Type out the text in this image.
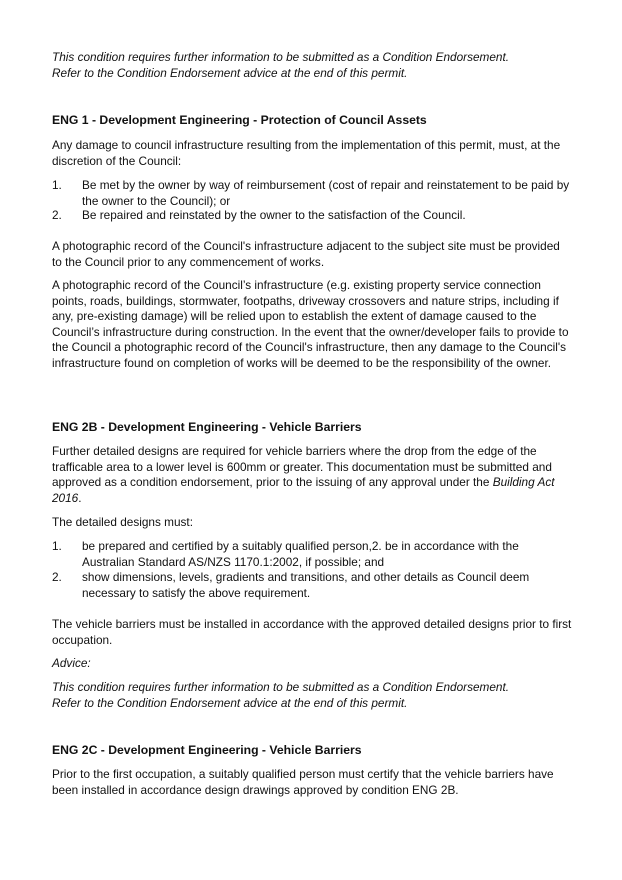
This condition requires further information to be submitted as a Condition Endorsement.
Refer to the Condition Endorsement advice at the end of this permit.
ENG 1 - Development Engineering - Protection of Council Assets

Any damage to council infrastructure resulting from the implementation of this permit, must, at the discretion of the Council:

1. Be met by the owner by way of reimbursement (cost of repair and reinstatement to be paid by the owner to the Council); or
2. Be repaired and reinstated by the owner to the satisfaction of the Council.

A photographic record of the Council's infrastructure adjacent to the subject site must be provided to the Council prior to any commencement of works.

A photographic record of the Council’s infrastructure (e.g. existing property service connection points, roads, buildings, stormwater, footpaths, driveway crossovers and nature strips, including if any, pre-existing damage) will be relied upon to establish the extent of damage caused to the Council’s infrastructure during construction. In the event that the owner/developer fails to provide to the Council a photographic record of the Council's infrastructure, then any damage to the Council's infrastructure found on completion of works will be deemed to be the responsibility of the owner.

ENG 2B - Development Engineering - Vehicle Barriers

Further detailed designs are required for vehicle barriers where the drop from the edge of the trafficable area to a lower level is 600mm or greater. This documentation must be submitted and approved as a condition endorsement, prior to the issuing of any approval under the Building Act 2016.

The detailed designs must:

1. be prepared and certified by a suitably qualified person,2. be in accordance with the Australian Standard AS/NZS 1170.1:2002, if possible; and
2. show dimensions, levels, gradients and transitions, and other details as Council deem necessary to satisfy the above requirement.

The vehicle barriers must be installed in accordance with the approved detailed designs prior to first occupation.

Advice:
This condition requires further information to be submitted as a Condition Endorsement.
Refer to the Condition Endorsement advice at the end of this permit.
ENG 2C - Development Engineering - Vehicle Barriers

Prior to the first occupation, a suitably qualified person must certify that the vehicle barriers have been installed in accordance design drawings approved by condition ENG 2B.
